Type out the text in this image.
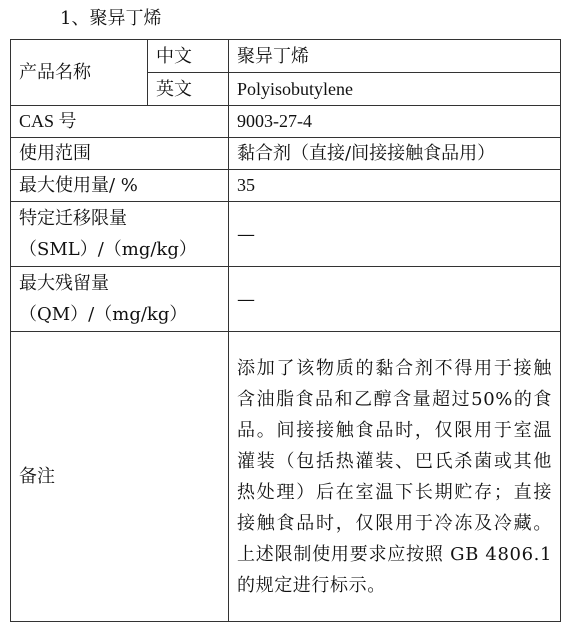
1、聚异丁烯
产品名称	中文	聚异丁烯
	英文	Polyisobutylene
CAS 号		9003-27-4
使用范围		黏合剂（直接/间接接触食品用）
最大使用量/ %		35

特定迁移限量
（SML）/（mg/kg）		—

最大残留量
（QM）/（mg/kg）		—
备注		添加了该物质的黏合剂不得用于接触含油脂食品和乙醇含量超过50%的食品。间接接触食品时，仅限用于室温灌装（包括热灌装、巴氏杀菌或其他热处理）后在室温下长期贮存；直接接触食品时，仅限用于冷冻及冷藏。上述限制使用要求应按照 GB 4806.1 的规定进行标示。
